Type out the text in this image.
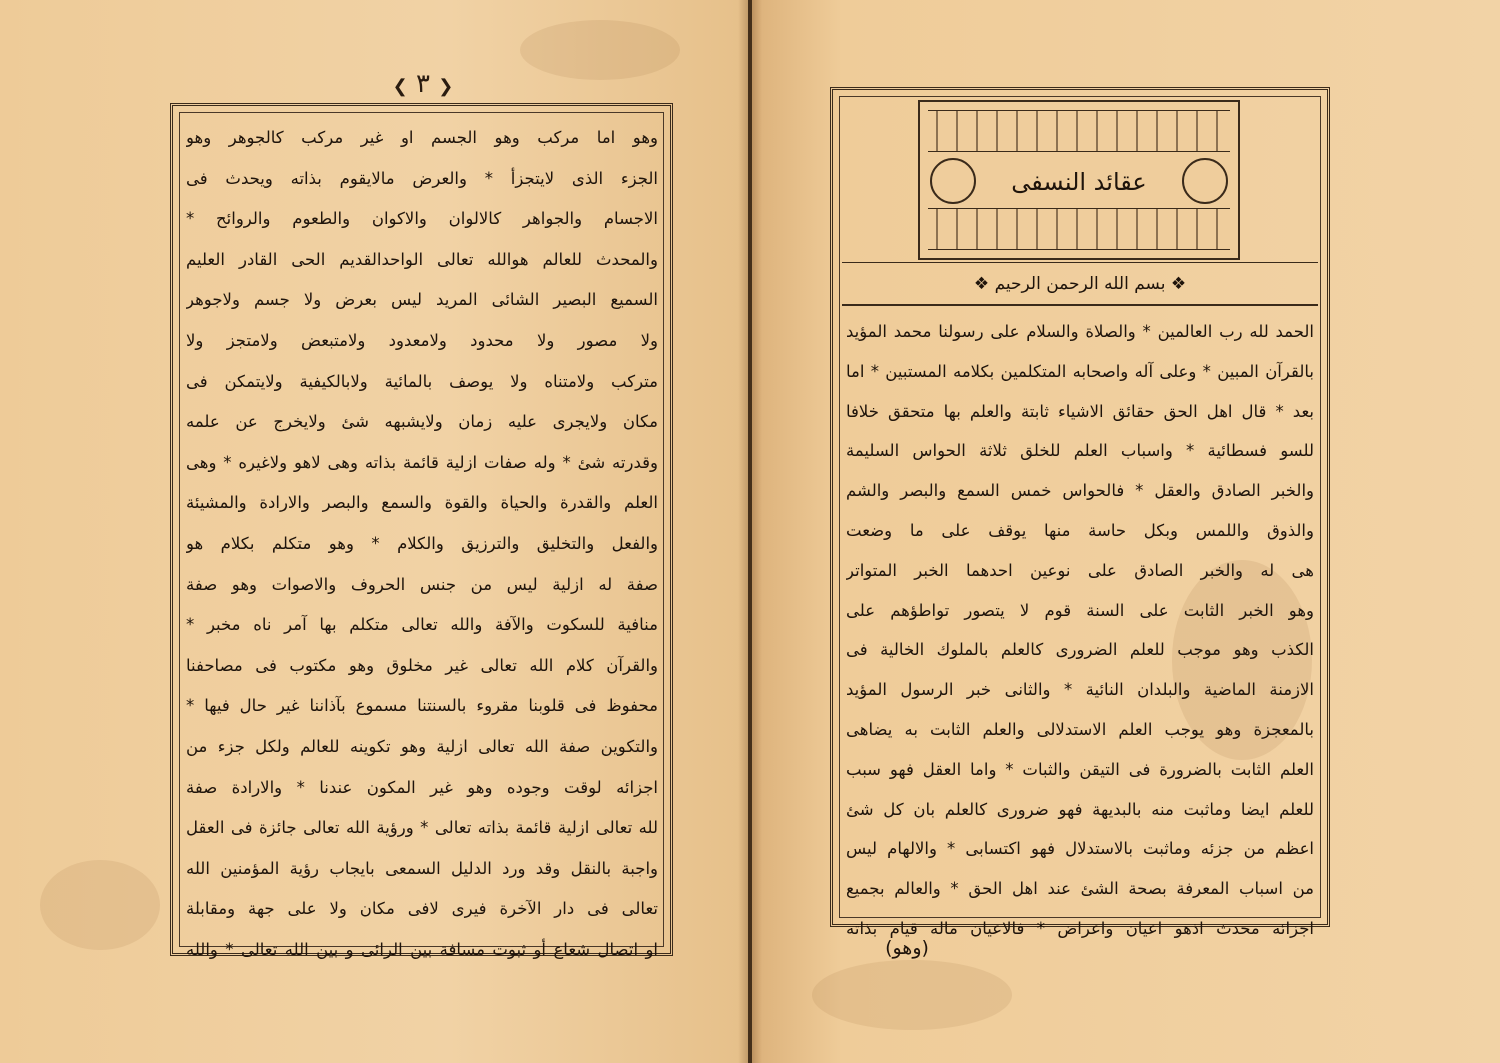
❮ ٣ ❯
وهو اما مركب وهو الجسم او غير مركب كالجوهر وهو
الجزء الذى لايتجزأ * والعرض مالايقوم بذاته ويحدث فى
الاجسام والجواهر كالالوان والاكوان والطعوم والروائح *
والمحدث للعالم هوالله تعالى الواحدالقديم الحى القادر العليم
السميع البصير الشائى المريد ليس بعرض ولا جسم ولاجوهر
ولا مصور ولا محدود ولامعدود ولامتبعض ولامتجز ولا
متركب ولامتناه ولا يوصف بالمائية ولابالكيفية ولايتمكن فى
مكان ولايجرى عليه زمان ولايشبهه شئ ولايخرج عن علمه
وقدرته شئ * وله صفات ازلية قائمة بذاته وهى لاهو ولاغيره * وهى
العلم والقدرة والحياة والقوة والسمع والبصر والارادة والمشيئة
والفعل والتخليق والترزيق والكلام * وهو متكلم بكلام هو
صفة له ازلية ليس من جنس الحروف والاصوات وهو صفة
منافية للسكوت والآفة والله تعالى متكلم بها آمر ناه مخبر *
والقرآن كلام الله تعالى غير مخلوق وهو مكتوب فى مصاحفنا
محفوظ فى قلوبنا مقروء بالسنتنا مسموع بآذاننا غير حال فيها *
والتكوين صفة الله تعالى ازلية وهو تكوينه للعالم ولكل جزء من
اجزائه لوقت وجوده وهو غير المكون عندنا * والارادة صفة
لله تعالى ازلية قائمة بذاته تعالى * ورؤية الله تعالى جائزة فى العقل
واجبة بالنقل وقد ورد الدليل السمعى بايجاب رؤية المؤمنين الله
تعالى فى دار الآخرة فيرى لافى مكان ولا على جهة ومقابلة
او اتصال شعاع أو ثبوت مسافة بين الرائى و بين الله تعالى * والله
عقائد النسفى
❖ بسم الله الرحمن الرحيم ❖
الحمد لله رب العالمين * والصلاة والسلام على رسولنا محمد المؤيد
بالقرآن المبين * وعلى آله واصحابه المتكلمين بكلامه المستبين * اما
بعد * قال اهل الحق حقائق الاشياء ثابتة والعلم بها متحقق خلافا
للسو فسطائية * واسباب العلم للخلق ثلاثة الحواس السليمة
والخبر الصادق والعقل * فالحواس خمس السمع والبصر والشم
والذوق واللمس وبكل حاسة منها يوقف على ما وضعت
هى له والخبر الصادق على نوعين احدهما الخبر المتواتر
وهو الخبر الثابت على السنة قوم لا يتصور تواطؤهم على
الكذب وهو موجب للعلم الضرورى كالعلم بالملوك الخالية فى
الازمنة الماضية والبلدان النائية * والثانى خبر الرسول المؤيد
بالمعجزة وهو يوجب العلم الاستدلالى والعلم الثابت به يضاهى
العلم الثابت بالضرورة فى التيقن والثبات * واما العقل فهو سبب
للعلم ايضا وماثبت منه بالبديهة فهو ضرورى كالعلم بان كل شئ
اعظم من جزئه وماثبت بالاستدلال فهو اكتسابى * والالهام ليس
من اسباب المعرفة بصحة الشئ عند اهل الحق * والعالم بجميع
اجزائه محدث اذهو اعيان واعراض * فالاعيان ماله قيام بذاته
(وهو)
